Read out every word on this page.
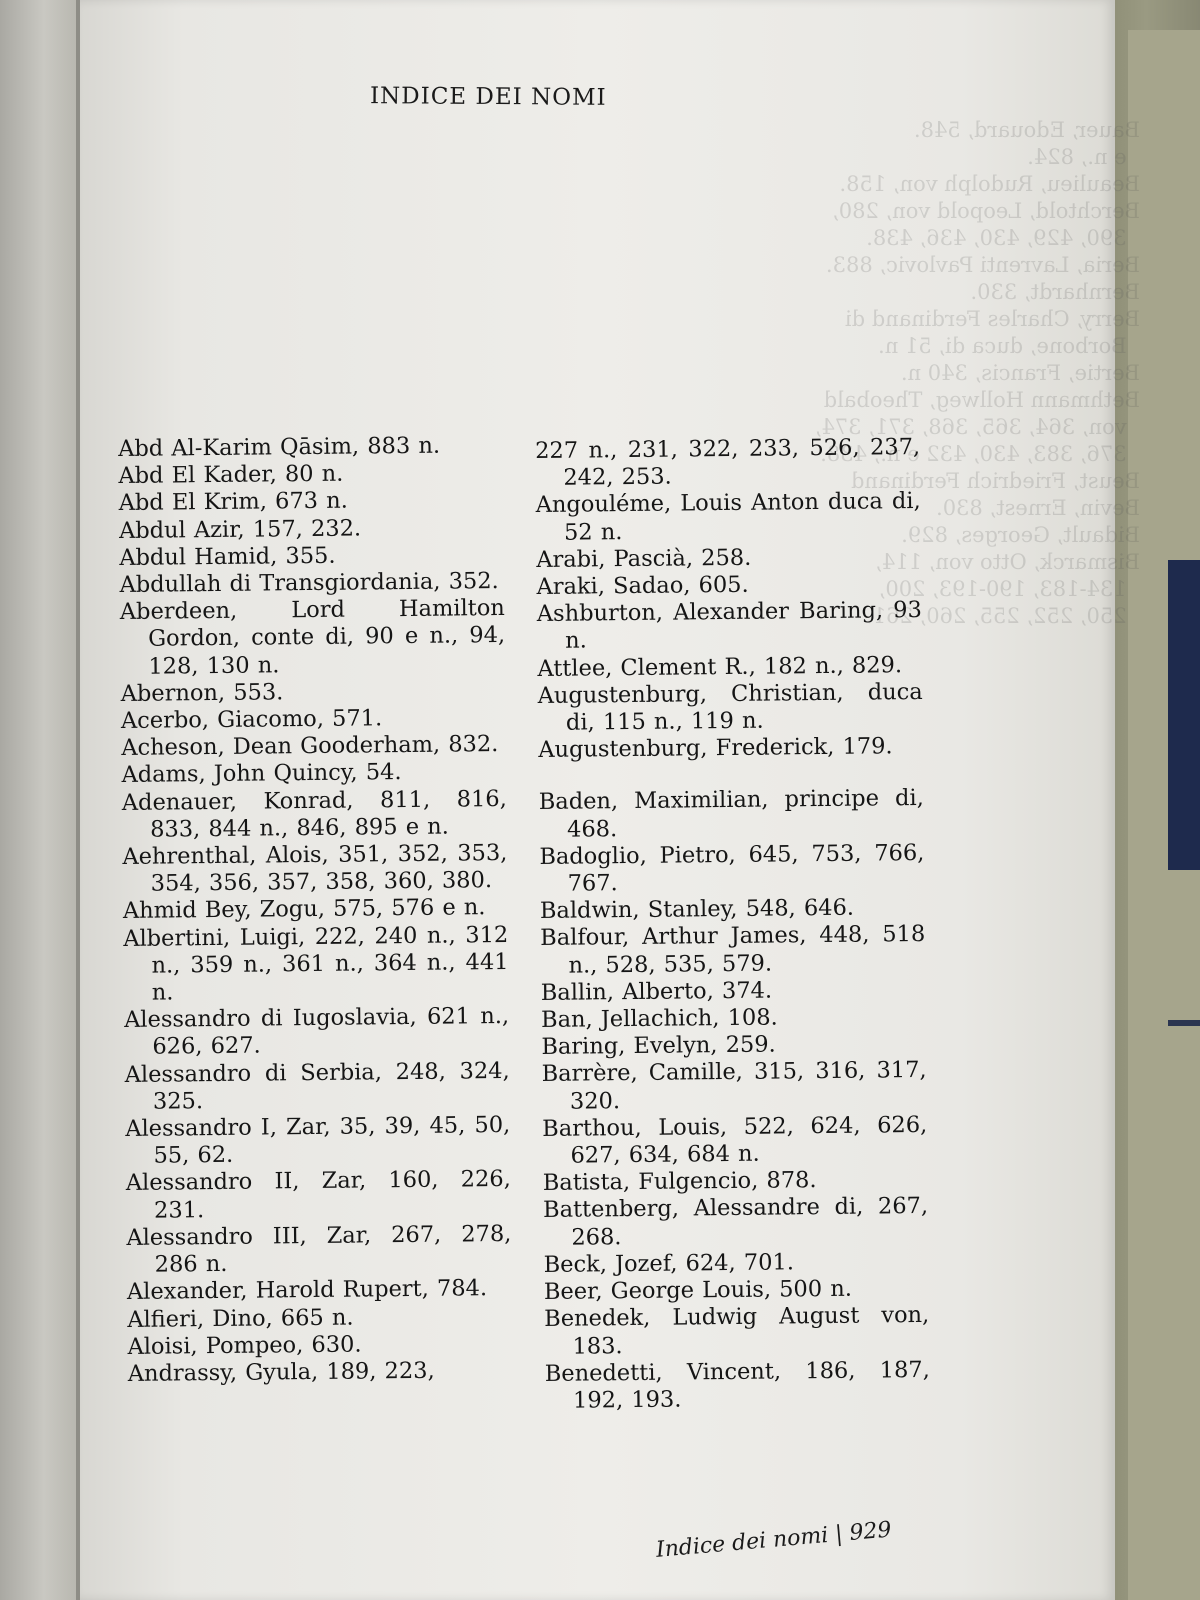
Bauer, Edouard, 548.
e n., 824.
Beaulieu, Rudolph von, 158.
Berchtold, Leopold von, 280,
390, 429, 430, 436, 438.
Beria, Lavrenti Pavlovic, 883.
Bernhardt, 330.
Berry, Charles Ferdinand di
Borbone, duca di, 51 n.
Bertie, Francis, 340 n.
Bethmann Hollweg, Theobald
von, 364, 365, 368, 371, 374,
376, 383, 430, 432 e n., 438.
Beust, Friedrich Ferdinand
Bevin, Ernest, 830.
Bidault, Georges, 829.
Bismarck, Otto von, 114,
134-183, 190-193, 200,
250, 252, 255, 260, 261.

INDICE DEI NOMI
Abd Al-Karim Qāsim, 883 n.
Abd El Kader, 80 n.
Abd El Krim, 673 n.
Abdul Azir, 157, 232.
Abdul Hamid, 355.
Abdullah di Transgiordania, 352.
Aberdeen, Lord Hamilton Gordon, conte di, 90 e n., 94, 128, 130 n.
Abernon, 553.
Acerbo, Giacomo, 571.
Acheson, Dean Gooderham, 832.
Adams, John Quincy, 54.
Adenauer, Konrad, 811, 816, 833, 844 n., 846, 895 e n.
Aehrenthal, Alois, 351, 352, 353, 354, 356, 357, 358, 360, 380.
Ahmid Bey, Zogu, 575, 576 e n.
Albertini, Luigi, 222, 240 n., 312 n., 359 n., 361 n., 364 n., 441 n.
Alessandro di Iugoslavia, 621 n., 626, 627.
Alessandro di Serbia, 248, 324, 325.
Alessandro I, Zar, 35, 39, 45, 50, 55, 62.
Alessandro II, Zar, 160, 226, 231.
Alessandro III, Zar, 267, 278, 286 n.
Alexander, Harold Rupert, 784.
Alfieri, Dino, 665 n.
Aloisi, Pompeo, 630.
Andrassy, Gyula, 189, 223,
227 n., 231, 322, 233, 526, 237, 242, 253.
Angouléme, Louis Anton duca di, 52 n.
Arabi, Pascià, 258.
Araki, Sadao, 605.
Ashburton, Alexander Baring, 93 n.
Attlee, Clement R., 182 n., 829.
Augustenburg, Christian, duca di, 115 n., 119 n.
Augustenburg, Frederick, 179.
Baden, Maximilian, principe di, 468.
Badoglio, Pietro, 645, 753, 766, 767.
Baldwin, Stanley, 548, 646.
Balfour, Arthur James, 448, 518 n., 528, 535, 579.
Ballin, Alberto, 374.
Ban, Jellachich, 108.
Baring, Evelyn, 259.
Barrère, Camille, 315, 316, 317, 320.
Barthou, Louis, 522, 624, 626, 627, 634, 684 n.
Batista, Fulgencio, 878.
Battenberg, Alessandre di, 267, 268.
Beck, Jozef, 624, 701.
Beer, George Louis, 500 n.
Benedek, Ludwig August von, 183.
Benedetti, Vincent, 186, 187, 192, 193.
Indice dei nomi | 929
